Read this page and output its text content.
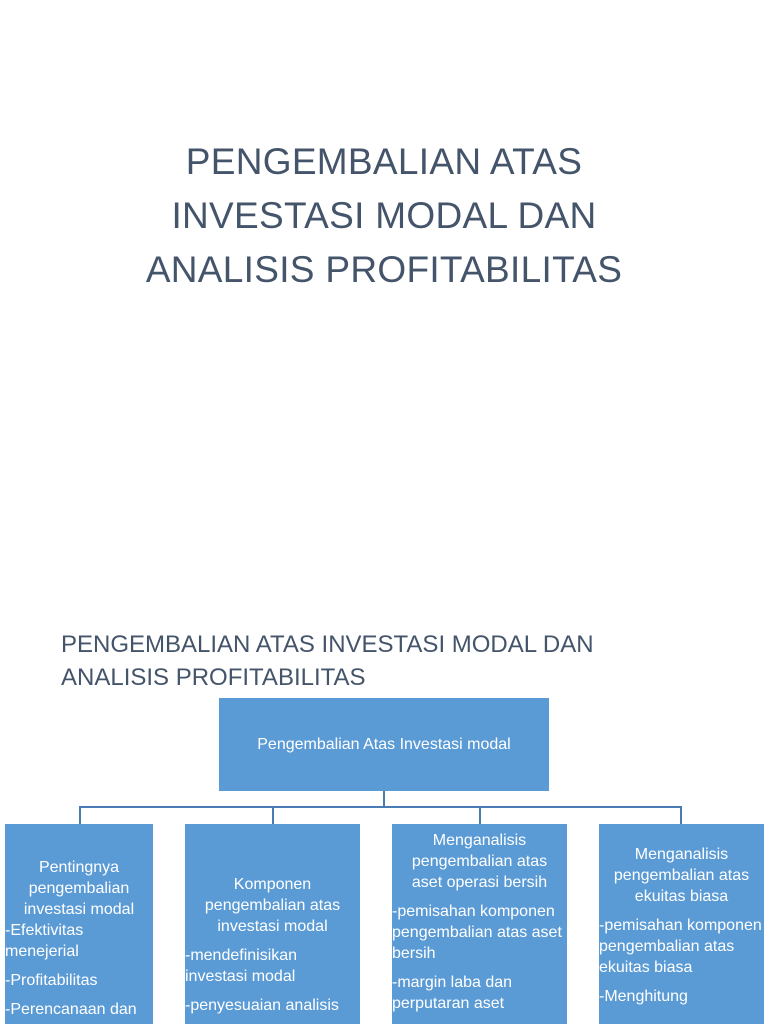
PENGEMBALIAN ATAS
INVESTASI MODAL DAN
ANALISIS PROFITABILITAS
PENGEMBALIAN ATAS INVESTASI MODAL DAN
ANALISIS PROFITABILITAS
Pengembalian Atas Investasi modal
Pentingnya
pengembalian
investasi modal
-Efektivitas menejerial
-Profitabilitas
-Perencanaan dan
Komponen
pengembalian atas
investasi modal
-mendefinisikan investasi modal
-penyesuaian analisis
Menganalisis
pengembalian atas
aset operasi bersih
-pemisahan komponen pengembalian atas aset bersih
-margin laba dan perputaran aset
Menganalisis
pengembalian atas
ekuitas biasa
-pemisahan komponen pengembalian atas ekuitas biasa
-Menghitung
